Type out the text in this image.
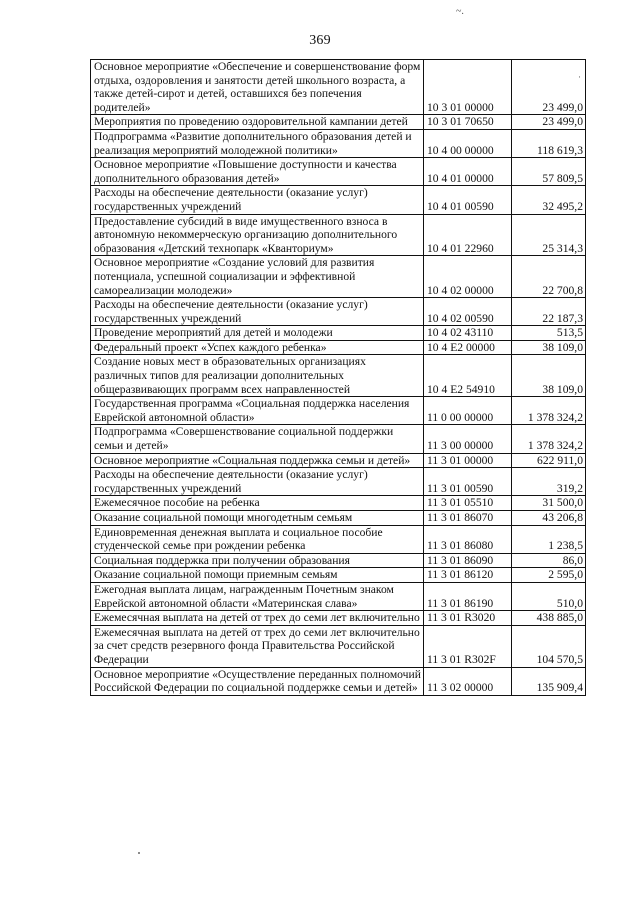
~.
369
·
Основное мероприятие «Обеспечение и совершенствование форм отдыха, оздоровления и занятости детей школьного возраста, а также детей-сирот и детей, оставшихся без попечения родителей»	10 3 01 00000	23 499,0
Мероприятия по проведению оздоровительной кампании детей	10 3 01 70650	23 499,0
Подпрограмма «Развитие дополнительного образования детей и реализация мероприятий молодежной политики»	10 4 00 00000	118 619,3
Основное мероприятие «Повышение доступности и качества дополнительного образования детей»	10 4 01 00000	57 809,5
Расходы на обеспечение деятельности (оказание услуг) государственных учреждений	10 4 01 00590	32 495,2
Предоставление субсидий в виде имущественного взноса в автономную некоммерческую организацию дополнительного образования «Детский технопарк «Кванториум»	10 4 01 22960	25 314,3
Основное мероприятие «Создание условий для развития потенциала, успешной социализации и эффективной самореализации молодежи»	10 4 02 00000	22 700,8
Расходы на обеспечение деятельности (оказание услуг) государственных учреждений	10 4 02 00590	22 187,3
Проведение мероприятий для детей и молодежи	10 4 02 43110	513,5
Федеральный проект «Успех каждого ребенка»	10 4 E2 00000	38 109,0
Создание новых мест в образовательных организациях различных типов для реализации дополнительных общеразвивающих программ всех направленностей	10 4 E2 54910	38 109,0
Государственная программа «Социальная поддержка населения Еврейской автономной области»	11 0 00 00000	1 378 324,2
Подпрограмма «Совершенствование социальной поддержки семьи и детей»	11 3 00 00000	1 378 324,2
Основное мероприятие «Социальная поддержка семьи и детей»	11 3 01 00000	622 911,0
Расходы на обеспечение деятельности (оказание услуг) государственных учреждений	11 3 01 00590	319,2
Ежемесячное пособие на ребенка	11 3 01 05510	31 500,0
Оказание социальной помощи многодетным семьям	11 3 01 86070	43 206,8
Единовременная денежная выплата и социальное пособие студенческой семье при рождении ребенка	11 3 01 86080	1 238,5
Социальная поддержка при получении образования	11 3 01 86090	86,0
Оказание социальной помощи приемным семьям	11 3 01 86120	2 595,0
Ежегодная выплата лицам, награжденным Почетным знаком Еврейской автономной области «Материнская слава»	11 3 01 86190	510,0
Ежемесячная выплата на детей от трех до семи лет включительно	11 3 01 R3020	438 885,0
Ежемесячная выплата на детей от трех до семи лет включительно за счет средств резервного фонда Правительства Российской Федерации	11 3 01 R302F	104 570,5
Основное мероприятие «Осуществление переданных полномочий Российской Федерации по социальной поддержке семьи и детей»	11 3 02 00000	135 909,4
